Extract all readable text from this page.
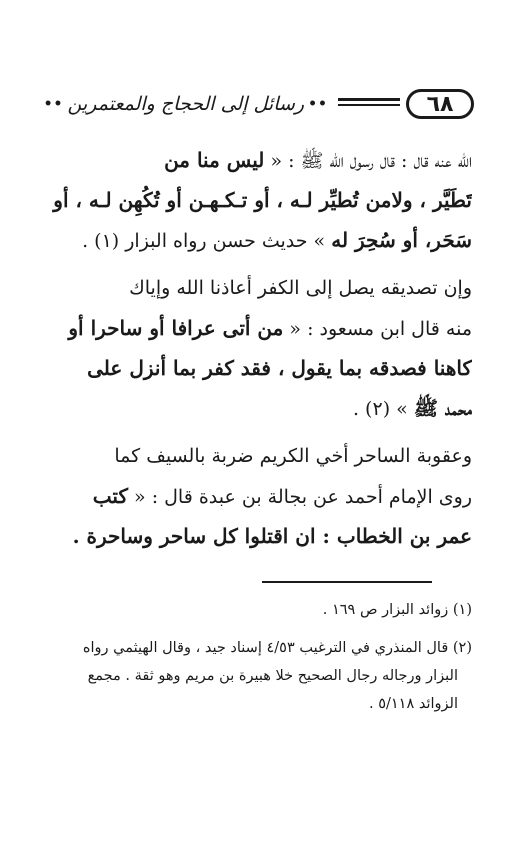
٦٨
••
رسائل إلى الحجاج والمعتمرين
••
الله عنه قال : قال رسول الله ﷺ : « ليس منا من
تَطَيَّر ، ولامن تُطيِّر لـه ، أو تـكـهـن أو تُكُهِن لـه ، أو
سَحَر، أو سُحِرَ له » حديث حسن رواه البزار (١) .
وإن تصديقه يصل إلى الكفر أعاذنا الله وإياك
منه قال ابن مسعود : « من أتى عرافا أو ساحرا أو
كاهنا فصدقه بما يقول ، فقد كفر بما أنزل على
محمد ﷺ » (٢) .
وعقوبة الساحر أخي الكريم ضربة بالسيف كما
روى الإمام أحمد عن بجالة بن عبدة قال : « كتب
عمر بن الخطاب : ان اقتلوا كل ساحر وساحرة .
(١) زوائد البزار ص ١٦٩ .
(٢) قال المنذري في الترغيب ٤/٥٣ إسناد جيد ، وقال الهيثمي رواه
البزار ورجاله رجال الصحيح خلا هبيرة بن مريم وهو ثقة . مجمع
الزوائد ٥/١١٨ .
